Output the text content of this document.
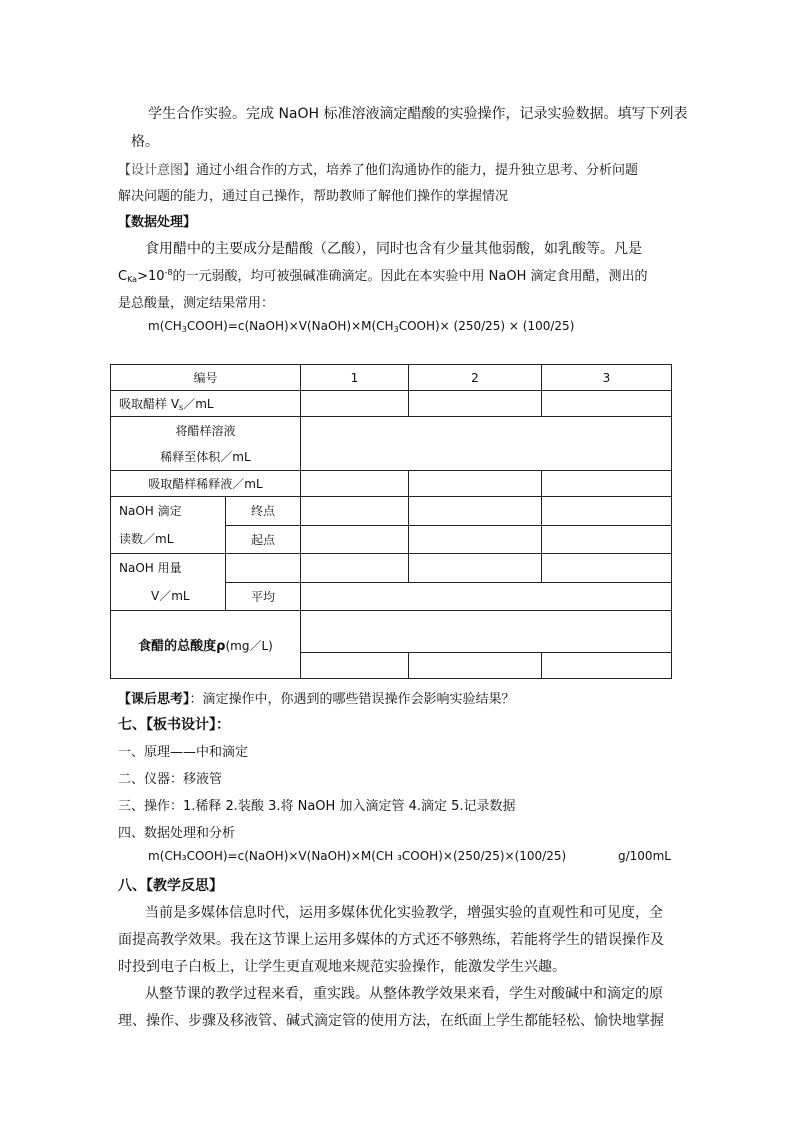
学生合作实验。完成 NaOH 标准溶液滴定醋酸的实验操作，记录实验数据。填写下列表
格。
【设计意图】通过小组合作的方式，培养了他们沟通协作的能力，提升独立思考、分析问题
解决问题的能力，通过自己操作，帮助教师了解他们操作的掌握情况
【数据处理】
食用醋中的主要成分是醋酸（乙酸），同时也含有少量其他弱酸，如乳酸等。凡是
$C_{Ka}>10^{-8}$的一元弱酸，均可被强碱准确滴定。因此在本实验中用 NaOH 滴定食用醋，测出的
是总酸量，测定结果常用：
$m(CH_3COOH)=c(NaOH)\times V(NaOH)\times M(CH_3COOH)\times (250/25) \times (100/25)$
编号		1	2	3
吸取醋样 $V_s/mL$				

将醋样溶液
稀释至体积／mL				

吸取醋样稀释液／mL				

NaOH 滴定
读数／mL	终点			
	起点			

NaOH 用量
V／mL				

	平均			
食醋的总酸度ρ(mg／L)				

【课后思考】：滴定操作中，你遇到的哪些错误操作会影响实验结果？
七、【板书设计】：
一、原理——中和滴定
二、仪器：移液管
三、操作：1.稀释 2.装酸 3.将 NaOH 加入滴定管 4.滴定 5.记录数据
四、数据处理和分析
m(CH₃COOH)=c(NaOH)×V(NaOH)×M(CH ₃COOH)×(250/25)×(100/25)	g/100mL
八、【教学反思】
当前是多媒体信息时代，运用多媒体优化实验教学，增强实验的直观性和可见度，全
面提高教学效果。我在这节课上运用多媒体的方式还不够熟练，若能将学生的错误操作及
时投到电子白板上，让学生更直观地来规范实验操作，能激发学生兴趣。
从整节课的教学过程来看，重实践。从整体教学效果来看，学生对酸碱中和滴定的原
理、操作、步骤及移液管、碱式滴定管的使用方法，在纸面上学生都能轻松、愉快地掌握
